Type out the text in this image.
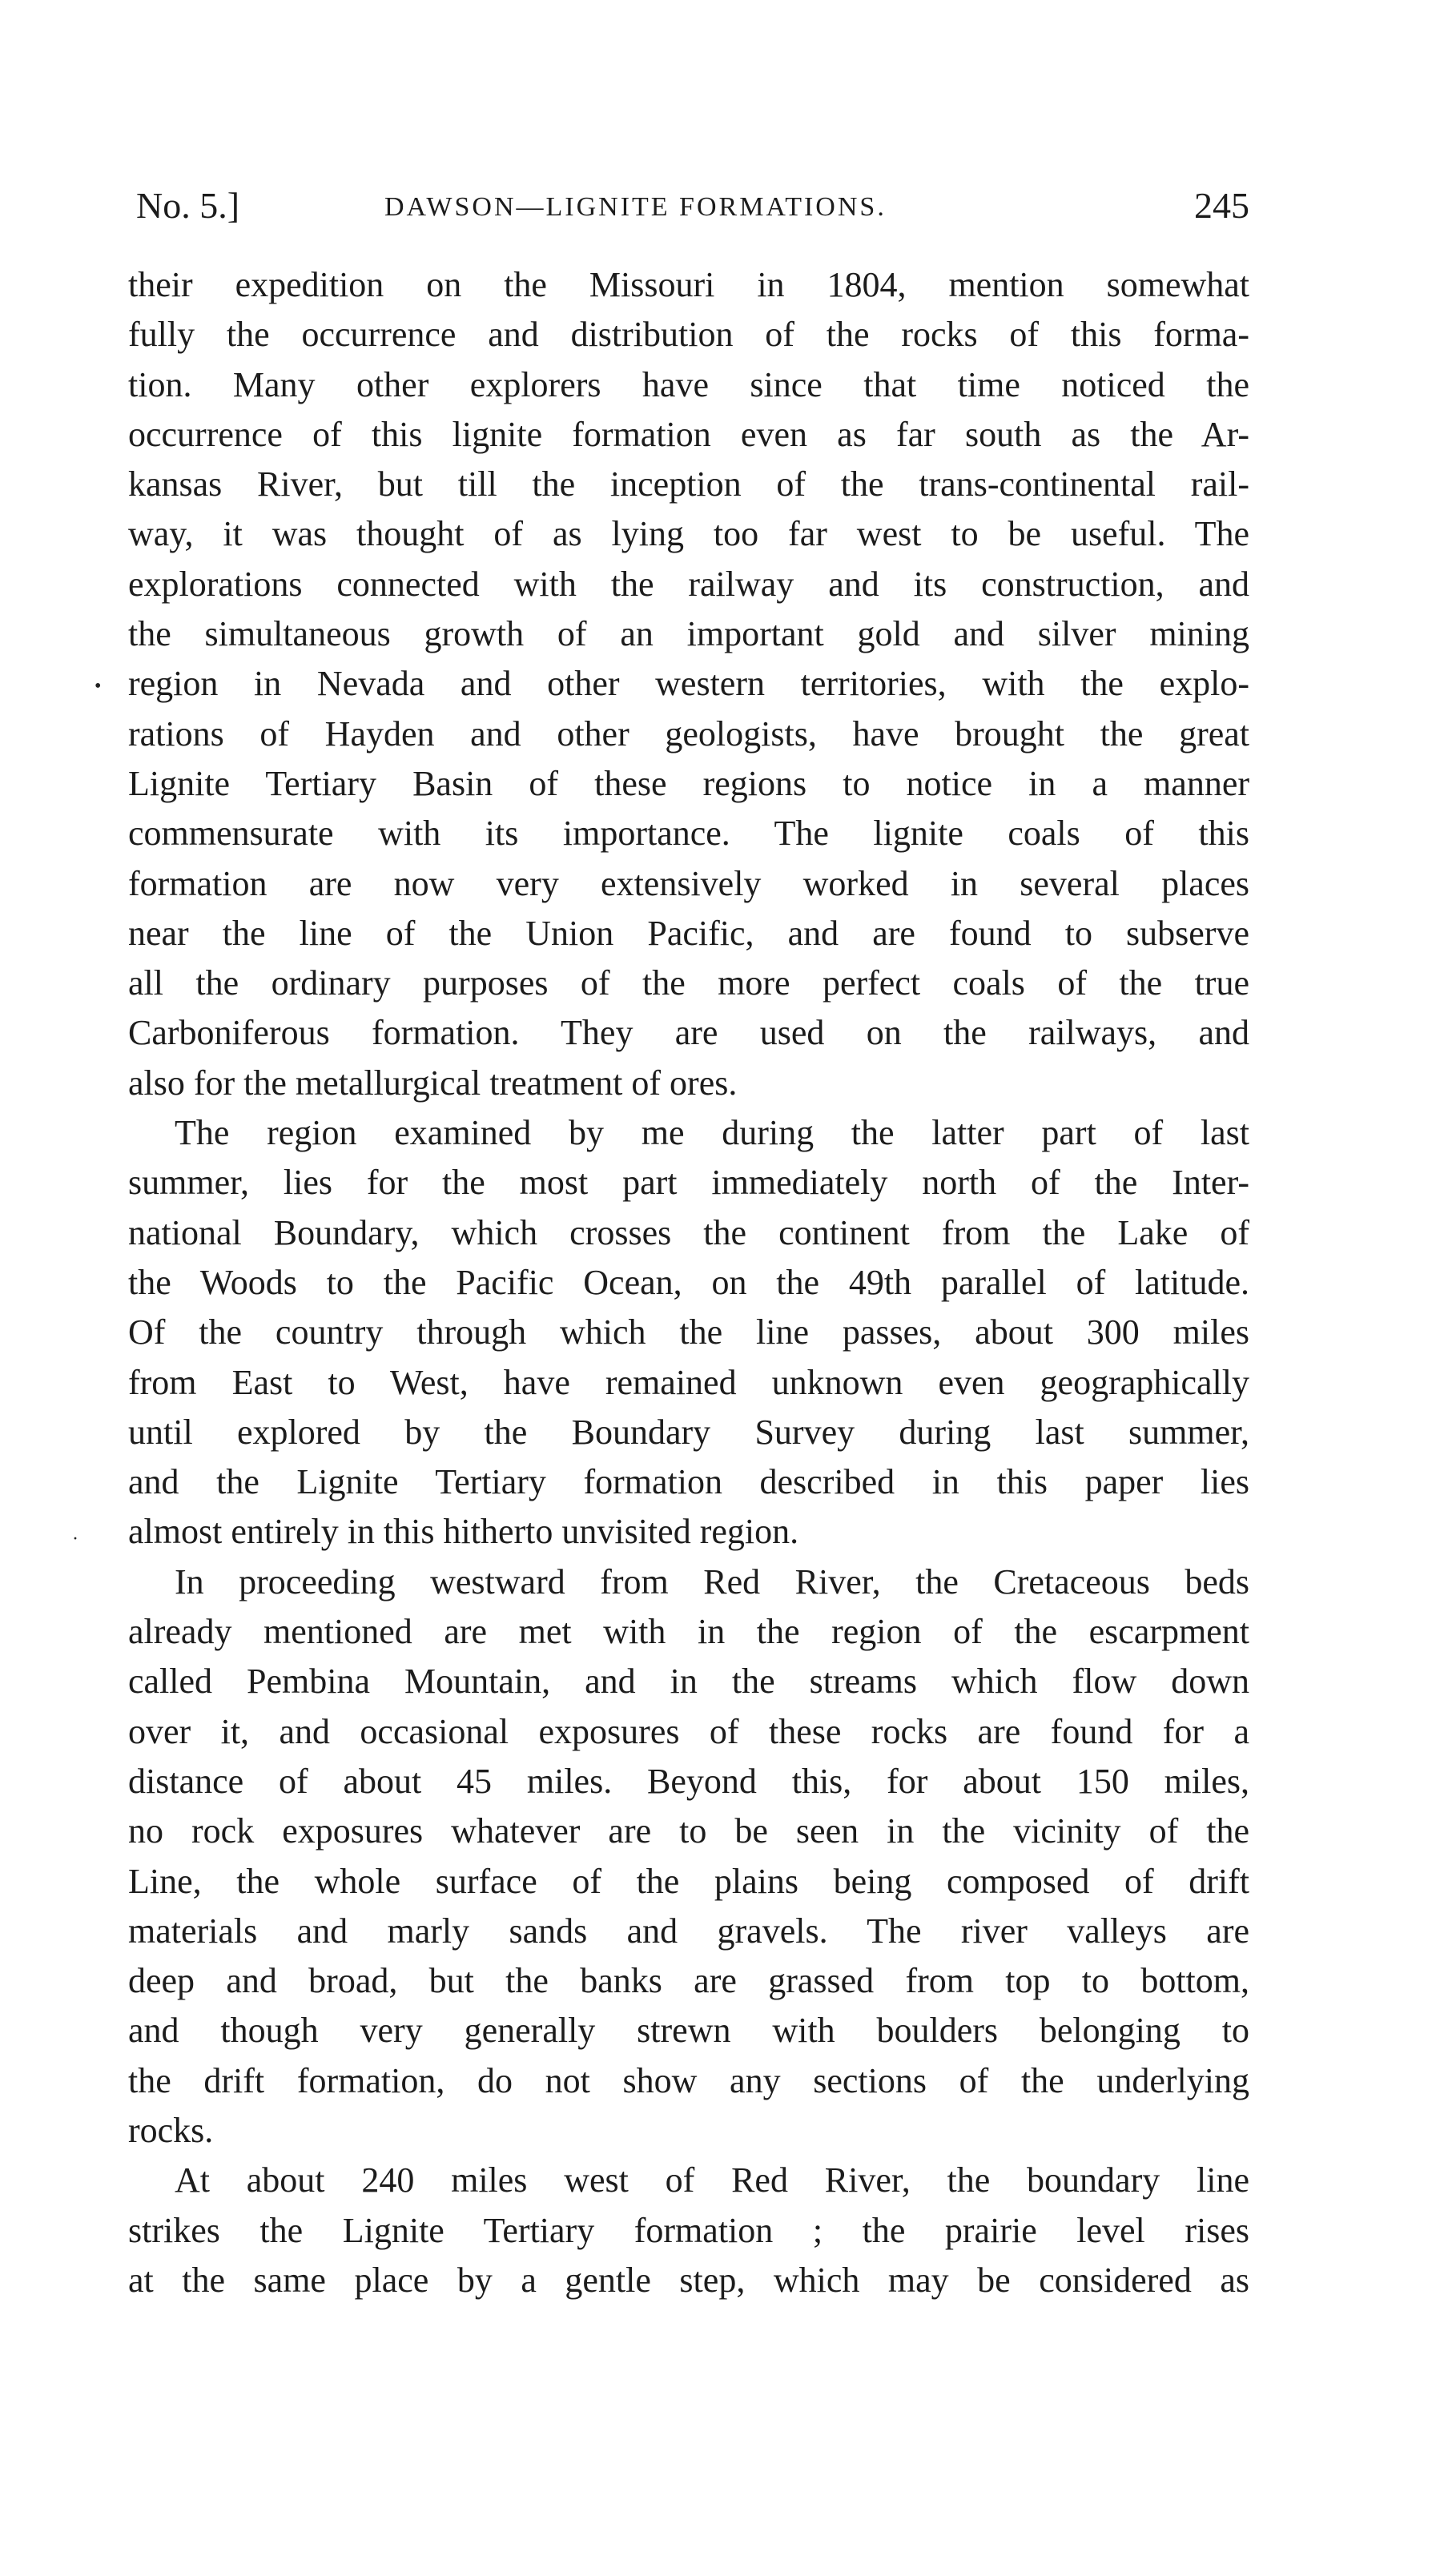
No. 5.]	DAWSON—LIGNITE FORMATIONS.	245
•
·
their expedition on the Missouri in 1804, mention somewhat
fully the occurrence and distribution of the rocks of this forma-
tion. Many other explorers have since that time noticed the
occurrence of this lignite formation even as far south as the Ar-
kansas River, but till the inception of the trans-continental rail-
way, it was thought of as lying too far west to be useful. The
explorations connected with the railway and its construction, and
the simultaneous growth of an important gold and silver mining
region in Nevada and other western territories, with the explo-
rations of Hayden and other geologists, have brought the great
Lignite Tertiary Basin of these regions to notice in a manner
commensurate with its importance. The lignite coals of this
formation are now very extensively worked in several places
near the line of the Union Pacific, and are found to subserve
all the ordinary purposes of the more perfect coals of the true
Carboniferous formation. They are used on the railways, and
also for the metallurgical treatment of ores.
The region examined by me during the latter part of last
summer, lies for the most part immediately north of the Inter-
national Boundary, which crosses the continent from the Lake of
the Woods to the Pacific Ocean, on the 49th parallel of latitude.
Of the country through which the line passes, about 300 miles
from East to West, have remained unknown even geographically
until explored by the Boundary Survey during last summer,
and the Lignite Tertiary formation described in this paper lies
almost entirely in this hitherto unvisited region.
In proceeding westward from Red River, the Cretaceous beds
already mentioned are met with in the region of the escarpment
called Pembina Mountain, and in the streams which flow down
over it, and occasional exposures of these rocks are found for a
distance of about 45 miles. Beyond this, for about 150 miles,
no rock exposures whatever are to be seen in the vicinity of the
Line, the whole surface of the plains being composed of drift
materials and marly sands and gravels. The river valleys are
deep and broad, but the banks are grassed from top to bottom,
and though very generally strewn with boulders belonging to
the drift formation, do not show any sections of the underlying
rocks.
At about 240 miles west of Red River, the boundary line
strikes the Lignite Tertiary formation ; the prairie level rises
at the same place by a gentle step, which may be considered as
